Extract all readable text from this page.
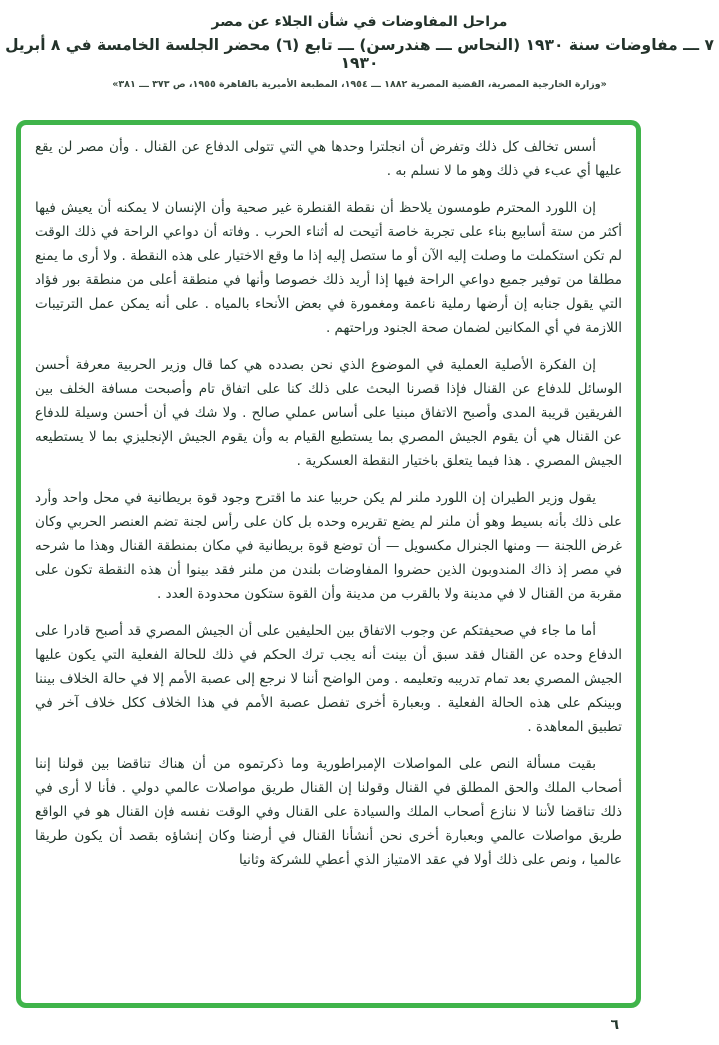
مراحل المفاوضات في شأن الجلاء عن مصر

٧ ـــ مفاوضات سنة ١٩٣٠ (النحاس ـــ هندرسن) ـــ تابع (٦) محضر الجلسة الخامسة في ٨ أبريل ١٩٣٠

«وزارة الخارجية المصرية، القضية المصرية ١٨٨٢ ـــ ١٩٥٤، المطبعة الأميرية بالقاهرة ١٩٥٥، ص ٣٧٣ ـــ ٣٨١»

أسس تخالف كل ذلك وتفرض أن انجلترا وحدها هي التي تتولى الدفاع عن القنال . وأن مصر لن يقع عليها أي عبء في ذلك وهو ما لا نسلم به .

إن اللورد المحترم طومسون يلاحظ أن نقطة القنطرة غير صحية وأن الإنسان لا يمكنه أن يعيش فيها أكثر من ستة أسابيع بناء على تجربة خاصة أتيحت له أثناء الحرب . وفاته أن دواعي الراحة في ذلك الوقت لم تكن استكملت ما وصلت إليه الآن أو ما ستصل إليه إذا ما وقع الاختيار على هذه النقطة . ولا أرى ما يمنع مطلقا من توفير جميع دواعي الراحة فيها إذا أريد ذلك خصوصا وأنها في منطقة أعلى من منطقة بور فؤاد التي يقول جنابه إن أرضها رملية ناعمة ومغمورة في بعض الأنحاء بالمياه . على أنه يمكن عمل الترتيبات اللازمة في أي المكانين لضمان صحة الجنود وراحتهم .

إن الفكرة الأصلية العملية في الموضوع الذي نحن بصدده هي كما قال وزير الحربية معرفة أحسن الوسائل للدفاع عن القنال فإذا قصرنا البحث على ذلك كنا على اتفاق تام وأصبحت مسافة الخلف بين الفريقين قريبة المدى وأصبح الاتفاق مبنيا على أساس عملي صالح . ولا شك في أن أحسن وسيلة للدفاع عن القنال هي أن يقوم الجيش المصري بما يستطيع القيام به وأن يقوم الجيش الإنجليزي بما لا يستطيعه الجيش المصري . هذا فيما يتعلق باختيار النقطة العسكرية .

يقول وزير الطيران إن اللورد ملنر لم يكن حربيا عند ما اقترح وجود قوة بريطانية في محل واحد وأرد على ذلك بأنه بسيط وهو أن ملنر لم يضع تقريره وحده بل كان على رأس لجنة تضم العنصر الحربي وكان غرض اللجنة — ومنها الجنرال مكسويل — أن توضع قوة بريطانية في مكان بمنطقة القنال وهذا ما شرحه في مصر إذ ذاك المندوبون الذين حضروا المفاوضات بلندن من ملنر فقد بينوا أن هذه النقطة تكون على مقربة من القنال لا في مدينة ولا بالقرب من مدينة وأن القوة ستكون محدودة العدد .

أما ما جاء في صحيفتكم عن وجوب الاتفاق بين الحليفين على أن الجيش المصري قد أصبح قادرا على الدفاع وحده عن القنال فقد سبق أن بينت أنه يجب ترك الحكم في ذلك للحالة الفعلية التي يكون عليها الجيش المصري بعد تمام تدريبه وتعليمه . ومن الواضح أننا لا نرجع إلى عصبة الأمم إلا في حالة الخلاف بيننا وبينكم على هذه الحالة الفعلية . وبعبارة أخرى تفصل عصبة الأمم في هذا الخلاف ككل خلاف آخر في تطبيق المعاهدة .

بقيت مسألة النص على المواصلات الإمبراطورية وما ذكرتموه من أن هناك تناقضا بين قولنا إننا أصحاب الملك والحق المطلق في القنال وقولنا إن القنال طريق مواصلات عالمي دولي . فأنا لا أرى في ذلك تناقضا لأننا لا ننازع أصحاب الملك والسيادة على القنال وفي الوقت نفسه فإن القنال هو في الواقع طريق مواصلات عالمي وبعبارة أخرى نحن أنشأنا القنال في أرضنا وكان إنشاؤه بقصد أن يكون طريقا عالميا ، ونص على ذلك أولا في عقد الامتياز الذي أعطي للشركة وثانيا

٦
